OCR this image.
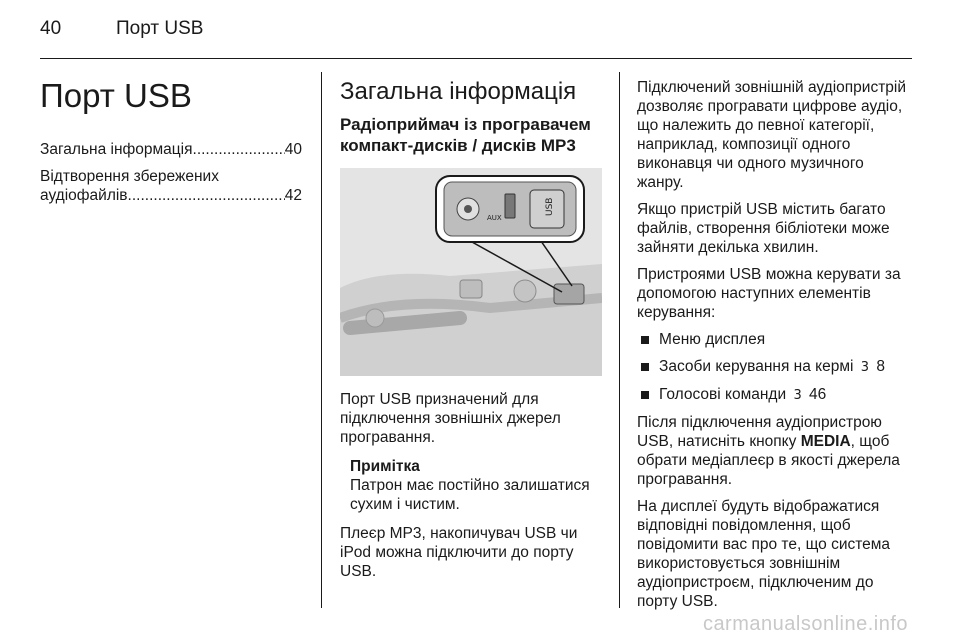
40	Порт USB
Порт USB
Загальна інформація .....	40
Відтворення збережених
аудіофайлів .....	42
Загальна інформація
Радіоприймач із програвачем компакт-дисків / дисків MP3
AUX
USB

Порт USB призначений для підключення зовнішніх джерел програвання.

Примітка
Патрон має постійно залишатися сухим і чистим.

Плеєр MP3, накопичувач USB чи iPod можна підключити до порту USB.

Підключений зовнішній аудіопристрій дозволяє програвати цифрове аудіо, що належить до певної категорії, наприклад, композиції одного виконавця чи одного музичного жанру.

Якщо пристрій USB містить багато файлів, створення бібліотеки може зайняти декілька хвилин.

Пристроями USB можна керувати за допомогою наступних елементів керування:

Меню дисплея
Засоби керування на кермі 3 8
Голосові команди 3 46

Після підключення аудіопристрою USB, натисніть кнопку MEDIA, щоб обрати медіаплеєр в якості джерела програвання.

На дисплеї будуть відображатися відповідні повідомлення, щоб повідомити вас про те, що система використовується зовнішнім аудіопристроєм, підключеним до порту USB.

carmanualsonline.info
